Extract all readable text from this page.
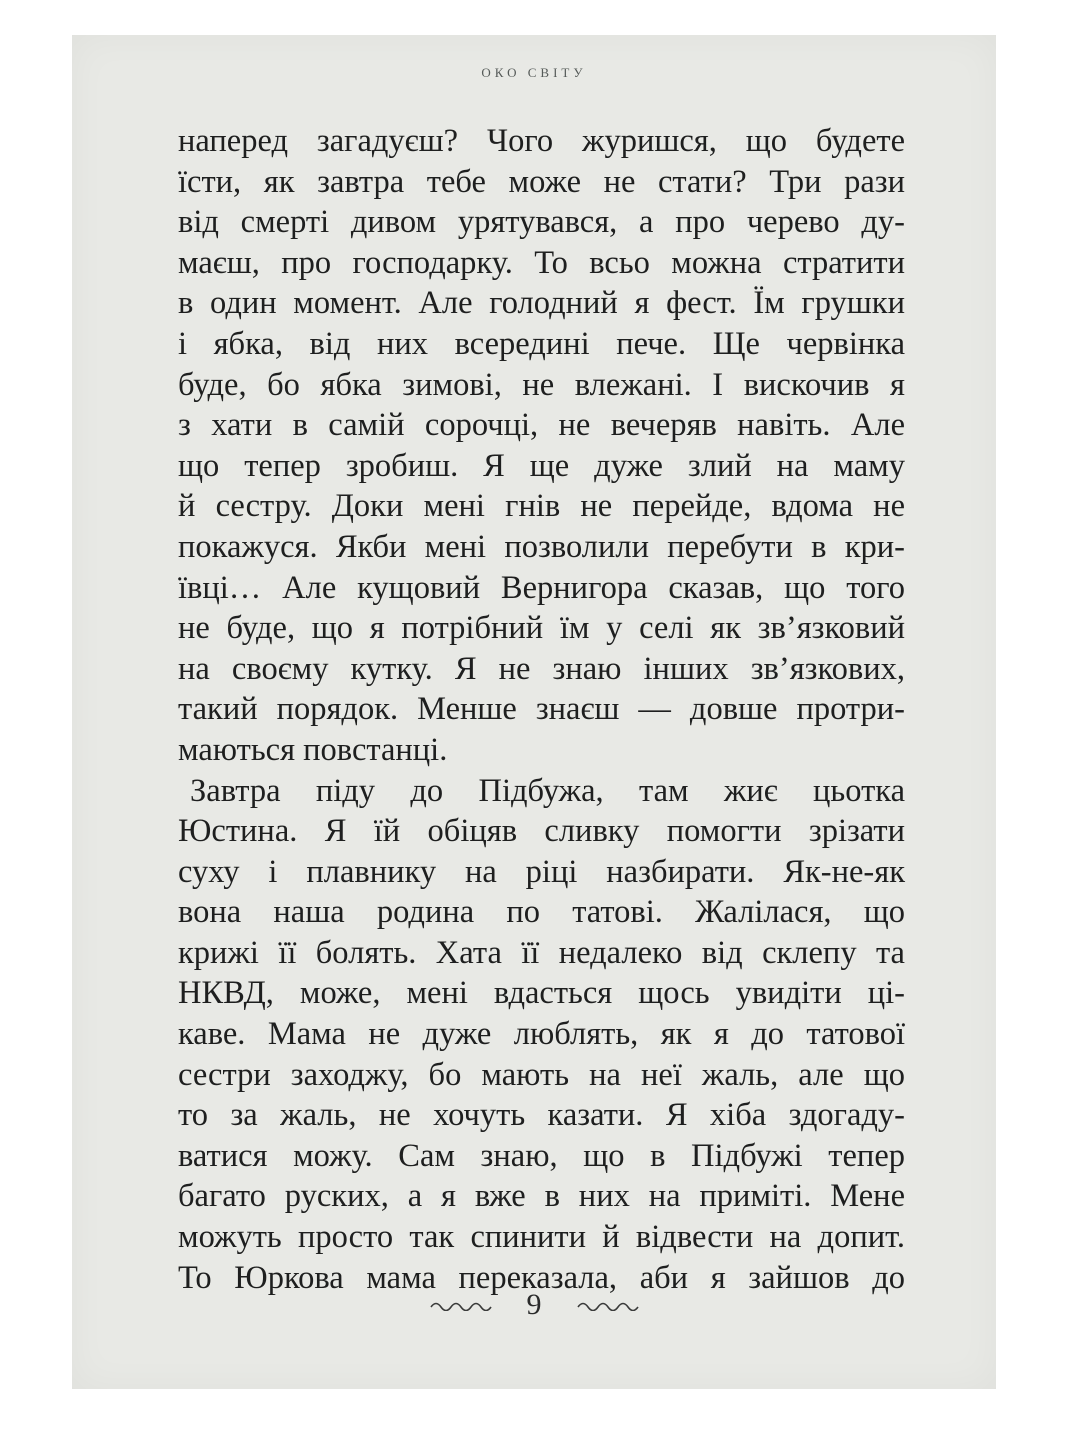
ОКО СВІТУ
наперед загадуєш? Чого журишся, що будете
їсти, як завтра тебе може не стати? Три рази
від смерті дивом урятувався, а про черево ду-
маєш, про господарку. То всьо можна стратити
в один момент. Але голодний я фест. Їм грушки
і ябка, від них всередині пече. Ще червінка
буде, бо ябка зимові, не влежані. І вискочив я
з хати в самій сорочці, не вечеряв навіть. Але
що тепер зробиш. Я ще дуже злий на маму
й сестру. Доки мені гнів не перейде, вдома не
покажуся. Якби мені позволили перебути в кри-
ївці… Але кущовий Вернигора сказав, що того
не буде, що я потрібний їм у селі як зв’язковий
на своєму кутку. Я не знаю інших зв’язкових,
такий порядок. Менше знаєш — довше протри-
маються повстанці.
Завтра піду до Підбужа, там жиє цьотка
Юстина. Я їй обіцяв сливку помогти зрізати
суху і плавнику на ріці назбирати. Як-не-як
вона наша родина по татові. Жалілася, що
крижі її болять. Хата її недалеко від склепу та
НКВД, може, мені вдасться щось увидіти ці-
каве. Мама не дуже люблять, як я до татової
сестри заходжу, бо мають на неї жаль, але що
то за жаль, не хочуть казати. Я хіба здогаду-
ватися можу. Сам знаю, що в Підбужі тепер
багато руских, а я вже в них на приміті. Мене
можуть просто так спинити й відвести на допит.
То Юркова мама переказала, аби я зайшов до
9
